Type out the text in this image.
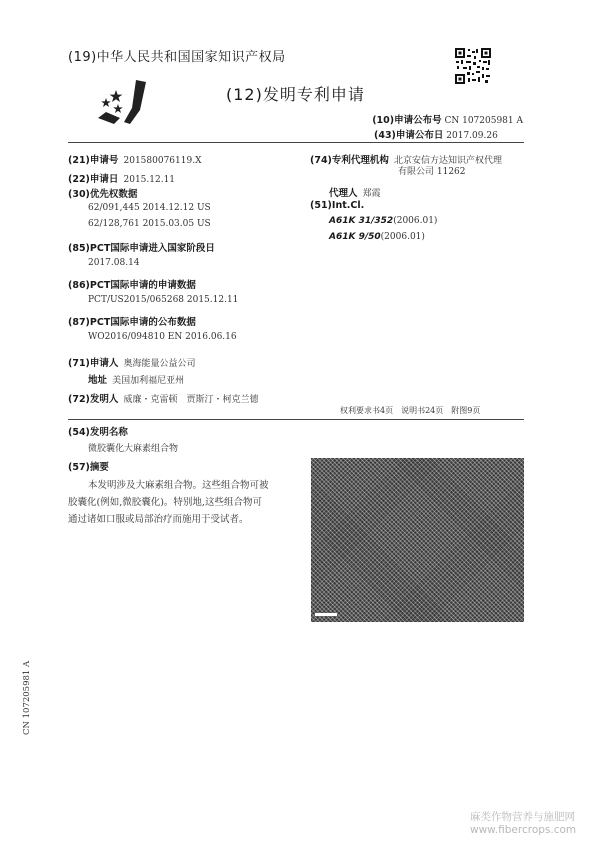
(19)中华人民共和国国家知识产权局
(12)发明专利申请
(10)申请公布号 CN 107205981 A
(43)申请公布日 2017.09.26
(21)申请号 201580076119.X
(22)申请日 2015.12.11
(30)优先权数据
62/091,445 2014.12.12 US
62/128,761 2015.03.05 US
(85)PCT国际申请进入国家阶段日
2017.08.14
(86)PCT国际申请的申请数据
PCT/US2015/065268 2015.12.11
(87)PCT国际申请的公布数据
WO2016/094810 EN 2016.06.16
(71)申请人 奥海能量公益公司
地址 美国加利福尼亚州
(72)发明人 威廉・克雷顿　贾斯汀・柯克兰德
(74)专利代理机构 北京安信方达知识产权代理
有限公司 11262
代理人 郑霞
(51)Int.Cl.
A61K 31/352(2006.01)
A61K 9/50(2006.01)
权利要求书4页　说明书24页　附图9页
(54)发明名称
微胶囊化大麻素组合物
(57)摘要
本发明涉及大麻素组合物。这些组合物可被
胶囊化(例如,微胶囊化)。特别地,这些组合物可
通过诸如口服或局部治疗而施用于受试者。
CN 107205981 A
麻类作物营养与施肥网
www.fibercrops.com
